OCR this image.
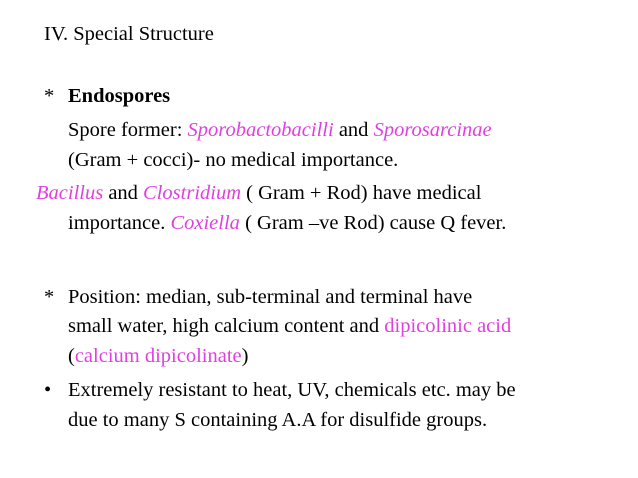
IV. Special Structure
* Endospores
Spore former: Sporobactobacilli and Sporosarcinae
(Gram + cocci)- no medical importance.
Bacillus and Clostridium ( Gram + Rod) have medical
importance. Coxiella ( Gram –ve Rod) cause Q fever.
* Position: median, sub-terminal and terminal have
small water, high calcium content and dipicolinic acid
(calcium dipicolinate)
• Extremely resistant to heat, UV, chemicals etc. may be
due to many S containing A.A for disulfide groups.
